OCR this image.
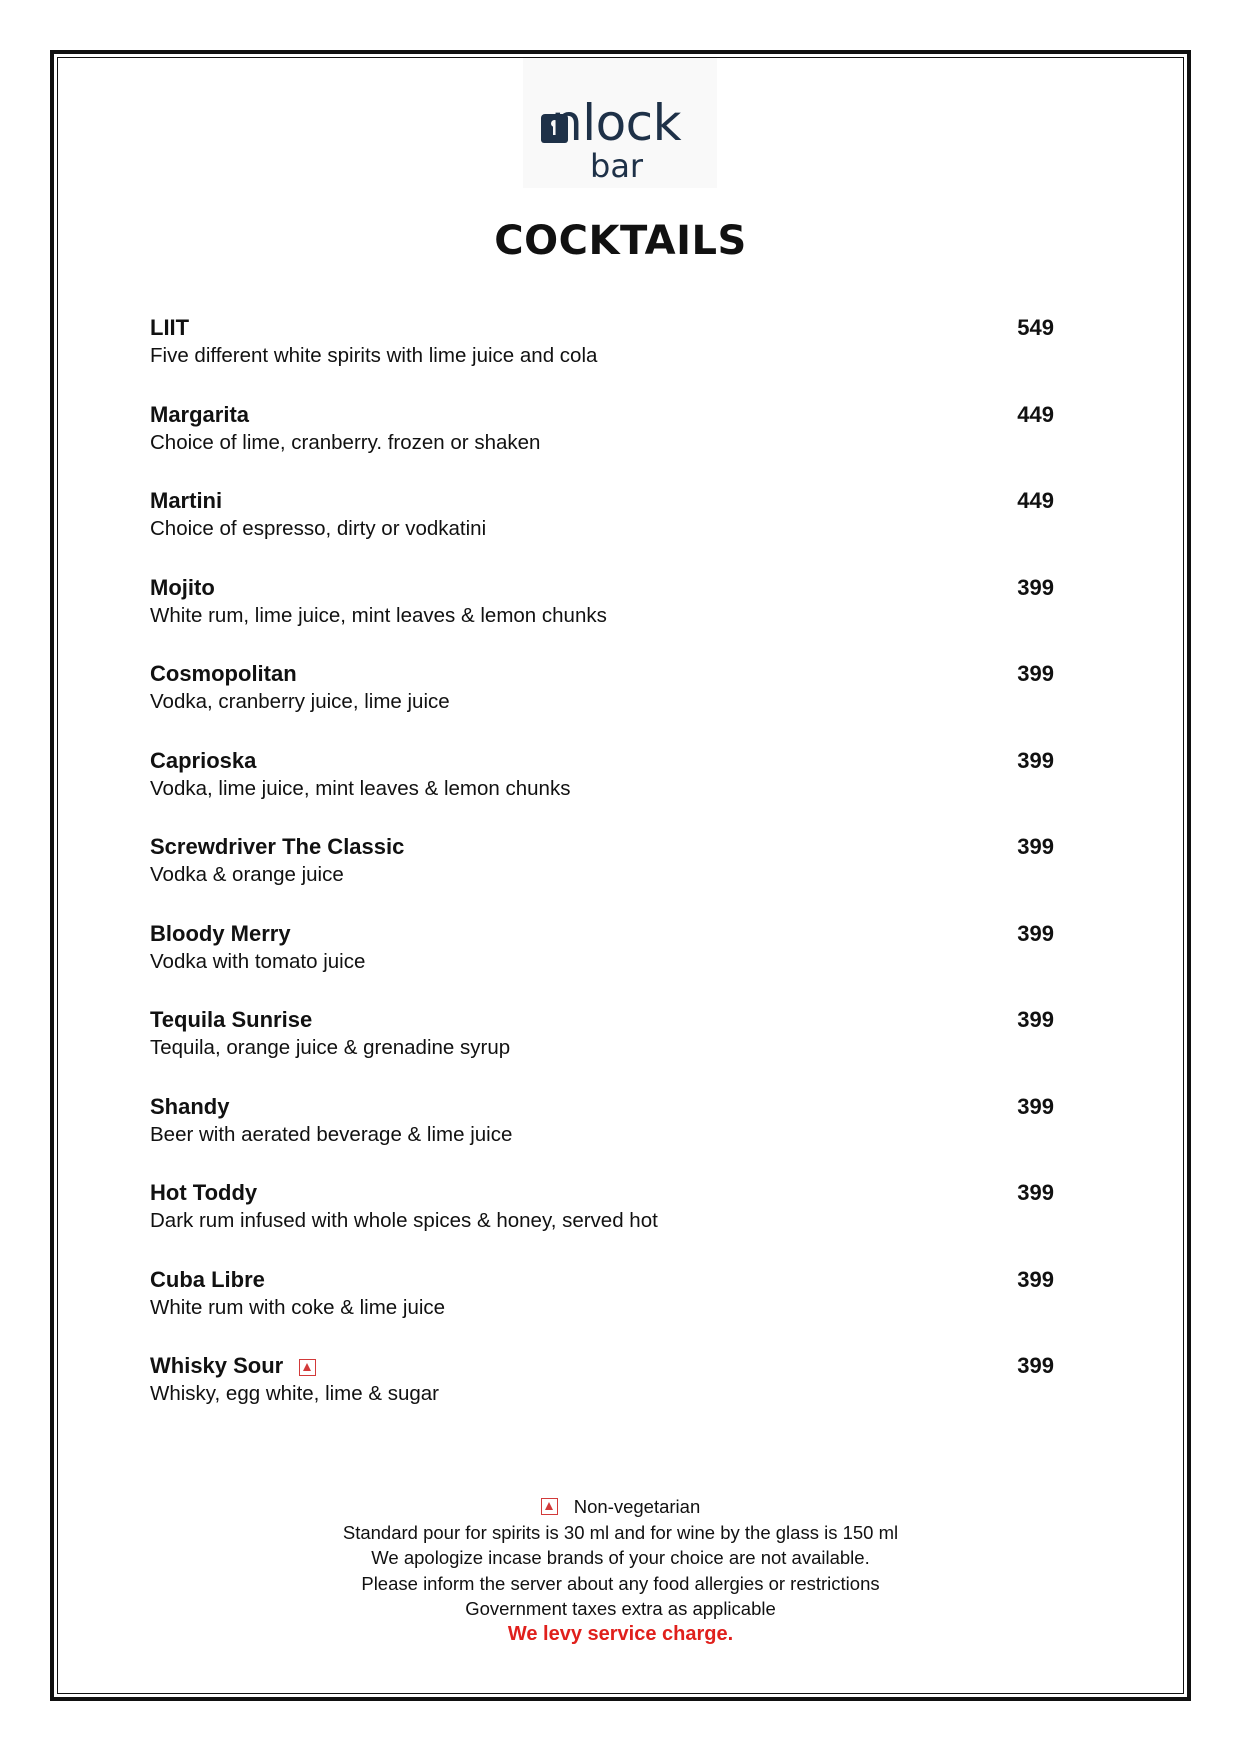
nlock
bar
COCKTAILS
LIIT	549
Five different white spirits with lime juice and cola
Margarita	449
Choice of lime, cranberry. frozen or shaken
Martini	449
Choice of espresso, dirty or vodkatini
Mojito	399
White rum, lime juice, mint leaves & lemon chunks
Cosmopolitan	399
Vodka, cranberry juice, lime juice
Caprioska	399
Vodka, lime juice, mint leaves & lemon chunks
Screwdriver The Classic	399
Vodka & orange juice
Bloody Merry	399
Vodka with tomato juice
Tequila Sunrise	399
Tequila, orange juice & grenadine syrup
Shandy	399
Beer with aerated beverage & lime juice
Hot Toddy	399
Dark rum infused with whole spices & honey, served hot
Cuba Libre	399
White rum with coke & lime juice
Whisky Sour	399
Whisky, egg white, lime & sugar
Non-vegetarian
Standard pour for spirits is 30 ml and for wine by the glass is 150 ml
We apologize incase brands of your choice are not available.
Please inform the server about any food allergies or restrictions
Government taxes extra as applicable
We levy service charge.
